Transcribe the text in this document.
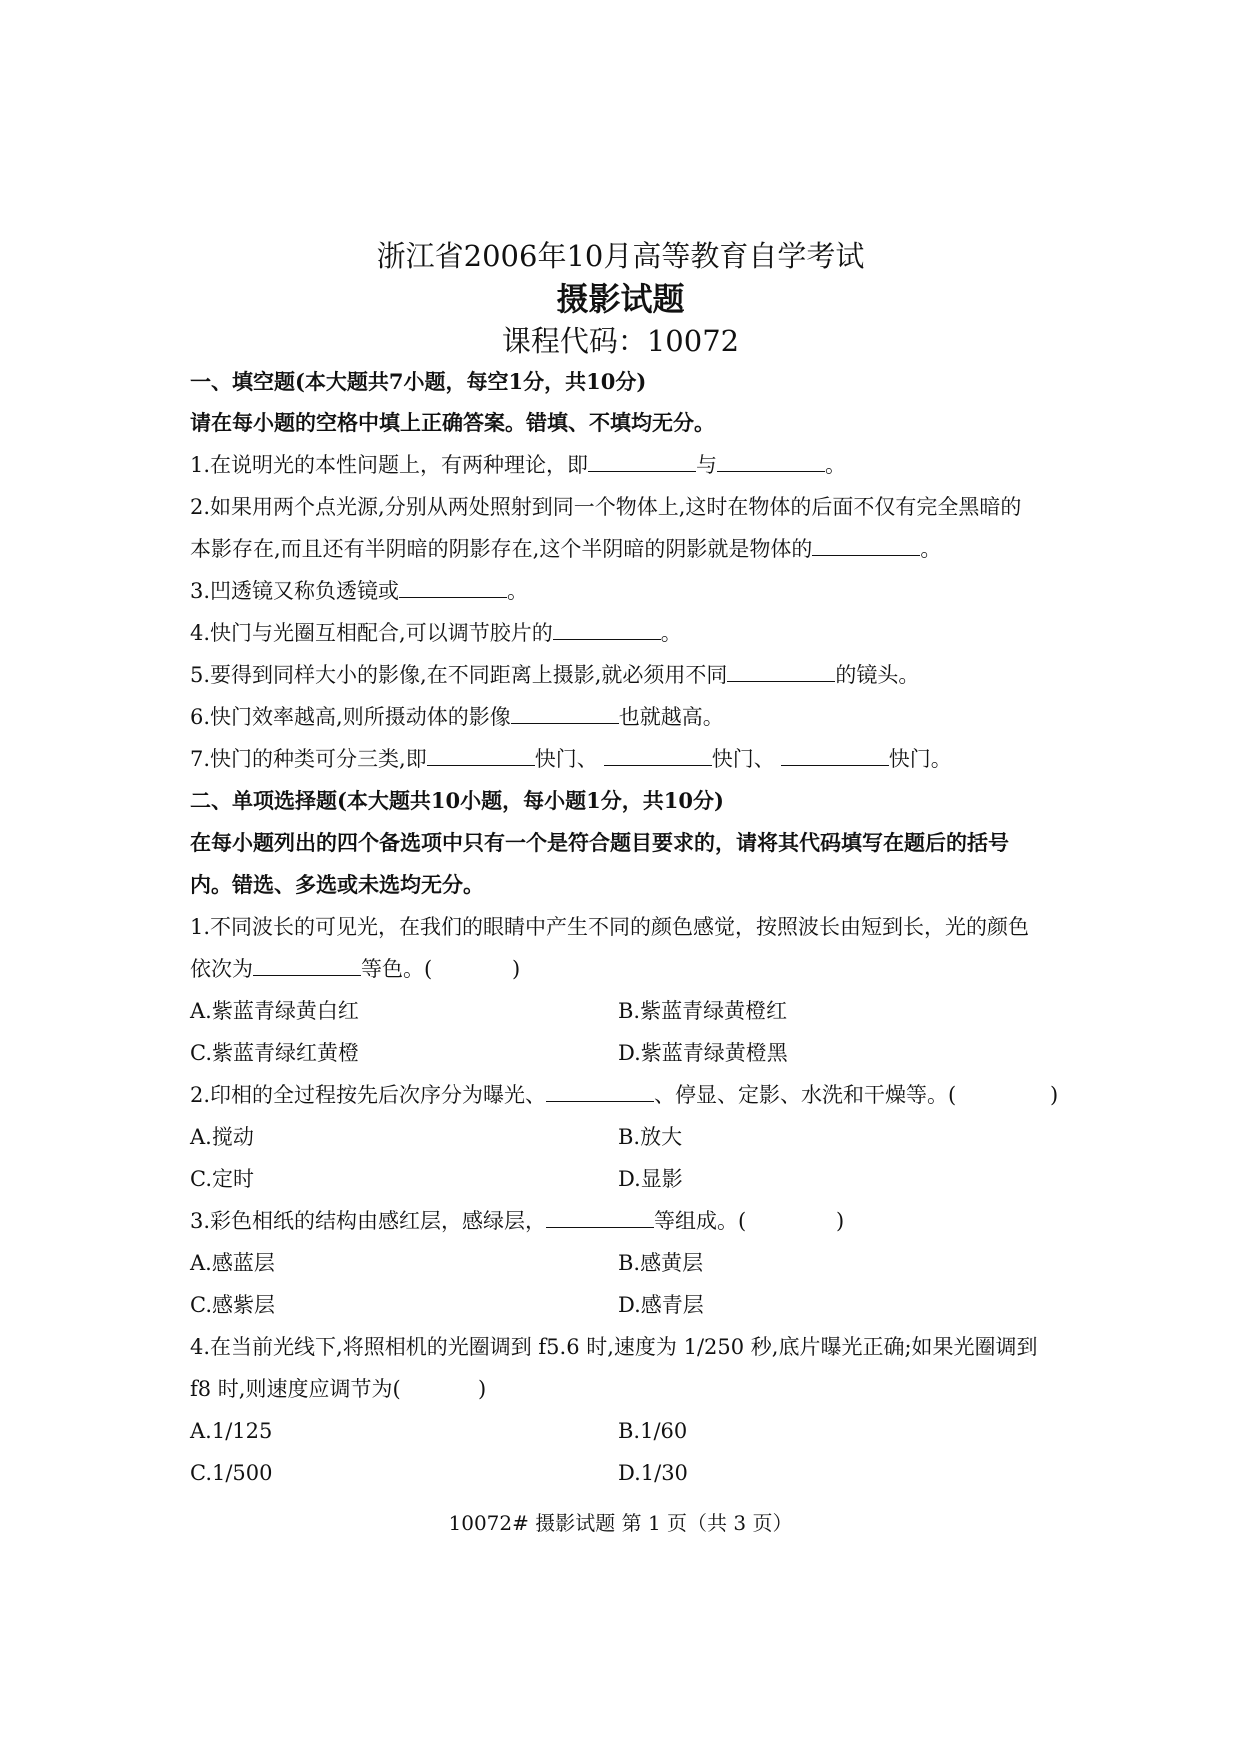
浙江省2006年10月高等教育自学考试
摄影试题
课程代码：10072
一、填空题(本大题共7小题，每空1分，共10分)
请在每小题的空格中填上正确答案。错填、不填均无分。
1.在说明光的本性问题上，有两种理论，即	与	。
2.如果用两个点光源,分别从两处照射到同一个物体上,这时在物体的后面不仅有完全黑暗的
本影存在,而且还有半阴暗的阴影存在,这个半阴暗的阴影就是物体的	。
3.凹透镜又称负透镜或	。
4.快门与光圈互相配合,可以调节胶片的	。
5.要得到同样大小的影像,在不同距离上摄影,就必须用不同	的镜头。
6.快门效率越高,则所摄动体的影像	也就越高。
7.快门的种类可分三类,即	快门、	快门、	快门。
二、单项选择题(本大题共10小题，每小题1分，共10分)
在每小题列出的四个备选项中只有一个是符合题目要求的，请将其代码填写在题后的括号
内。错选、多选或未选均无分。
1.不同波长的可见光，在我们的眼睛中产生不同的颜色感觉，按照波长由短到长，光的颜色
依次为	等色。(	)
A.紫蓝青绿黄白红	B.紫蓝青绿黄橙红
C.紫蓝青绿红黄橙	D.紫蓝青绿黄橙黑
2.印相的全过程按先后次序分为曝光、	、停显、定影、水洗和干燥等。(	)
A.搅动	B.放大
C.定时	D.显影
3.彩色相纸的结构由感红层，感绿层，	等组成。(	)
A.感蓝层	B.感黄层
C.感紫层	D.感青层
4.在当前光线下,将照相机的光圈调到 f5.6 时,速度为 1/250 秒,底片曝光正确;如果光圈调到
f8 时,则速度应调节为(	)
A.1/125	B.1/60
C.1/500	D.1/30
10072# 摄影试题 第 1 页（共 3 页）
